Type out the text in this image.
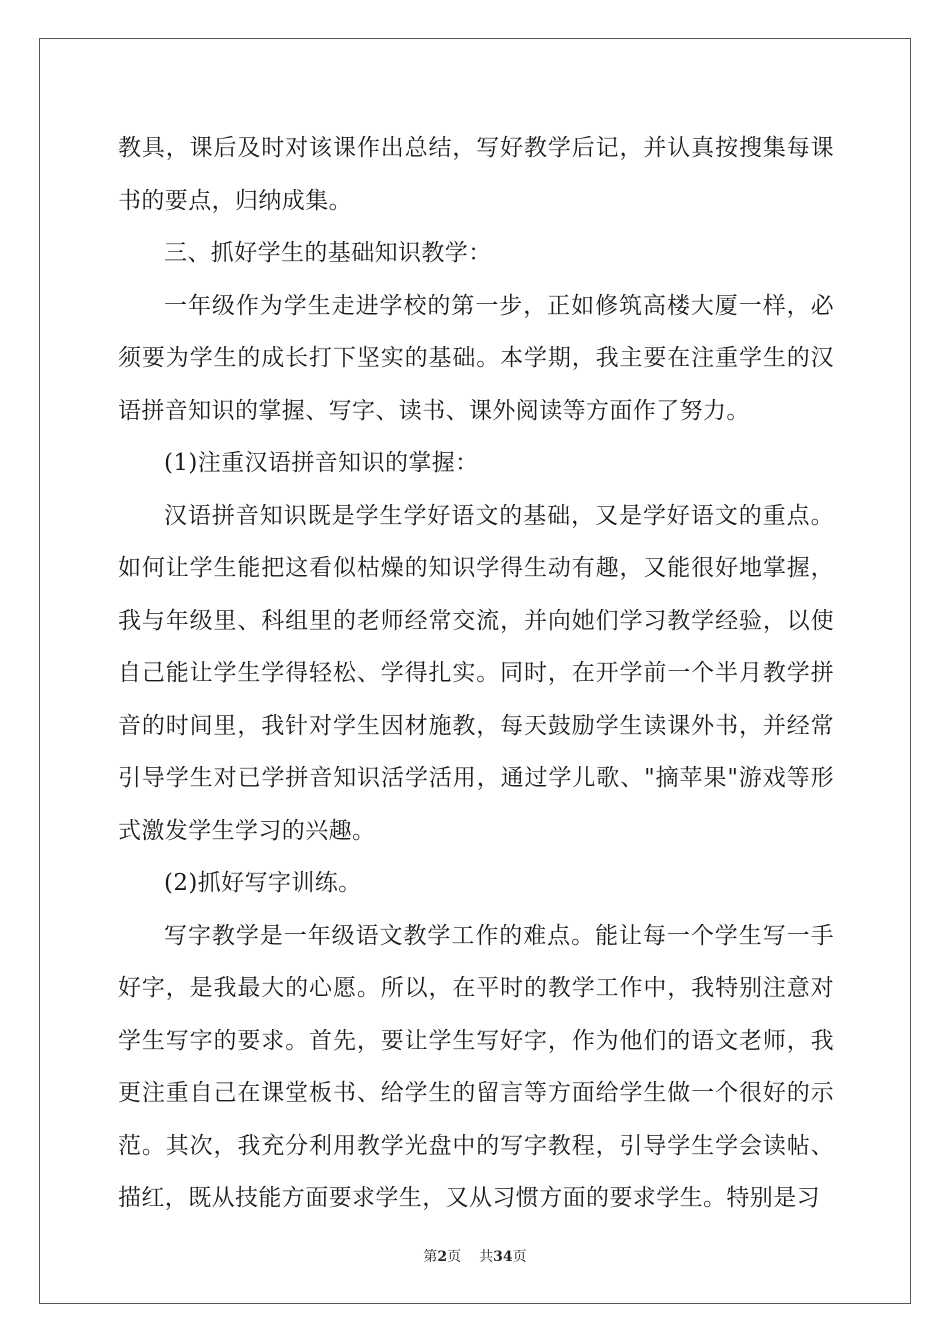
教具，课后及时对该课作出总结，写好教学后记，并认真按搜集每课书的要点，归纳成集。

三、抓好学生的基础知识教学：

一年级作为学生走进学校的第一步，正如修筑高楼大厦一样，必须要为学生的成长打下坚实的基础。本学期，我主要在注重学生的汉语拼音知识的掌握、写字、读书、课外阅读等方面作了努力。

(1)注重汉语拼音知识的掌握：

汉语拼音知识既是学生学好语文的基础，又是学好语文的重点。如何让学生能把这看似枯燥的知识学得生动有趣，又能很好地掌握，我与年级里、科组里的老师经常交流，并向她们学习教学经验，以使自己能让学生学得轻松、学得扎实。同时，在开学前一个半月教学拼音的时间里，我针对学生因材施教，每天鼓励学生读课外书，并经常引导学生对已学拼音知识活学活用，通过学儿歌、"摘苹果"游戏等形式激发学生学习的兴趣。

(2)抓好写字训练。

写字教学是一年级语文教学工作的难点。能让每一个学生写一手好字，是我最大的心愿。所以，在平时的教学工作中，我特别注意对学生写字的要求。首先，要让学生写好字，作为他们的语文老师，我更注重自己在课堂板书、给学生的留言等方面给学生做一个很好的示范。其次，我充分利用教学光盘中的写字教程，引导学生学会读帖、描红，既从技能方面要求学生，又从习惯方面的要求学生。特别是习

第2页 共34页
